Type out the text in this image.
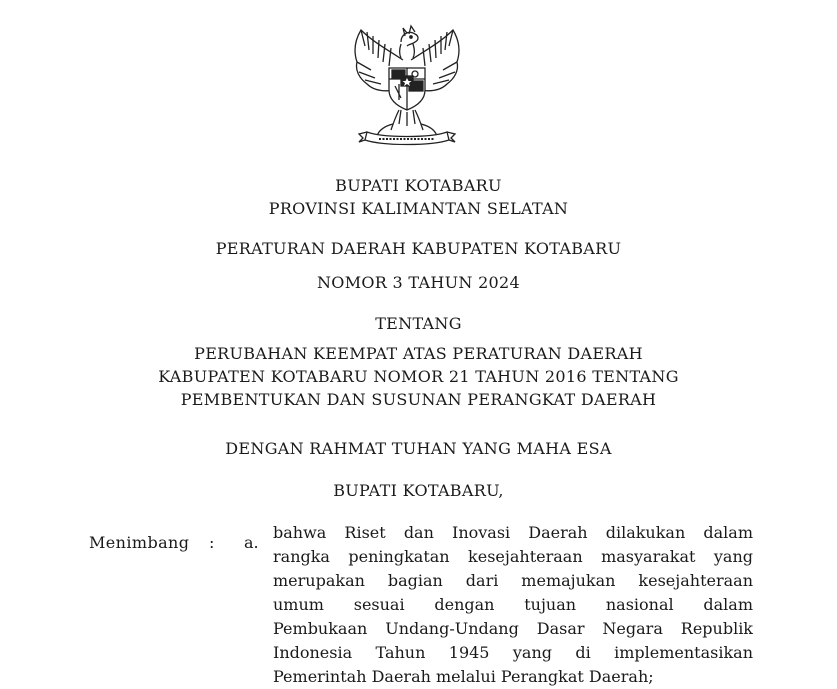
BUPATI KOTABARU
PROVINSI KALIMANTAN SELATAN
PERATURAN DAERAH KABUPATEN KOTABARU
NOMOR 3 TAHUN 2024
TENTANG
PERUBAHAN KEEMPAT ATAS PERATURAN DAERAH
KABUPATEN KOTABARU NOMOR 21 TAHUN 2016 TENTANG
PEMBENTUKAN DAN SUSUNAN PERANGKAT DAERAH
DENGAN RAHMAT TUHAN YANG MAHA ESA
BUPATI KOTABARU,
Menimbang : a.
bahwa Riset dan Inovasi Daerah dilakukan dalam
rangka peningkatan kesejahteraan masyarakat yang
merupakan bagian dari memajukan kesejahteraan
umum sesuai dengan tujuan nasional dalam
Pembukaan Undang-Undang Dasar Negara Republik
Indonesia Tahun 1945 yang di implementasikan
Pemerintah Daerah melalui Perangkat Daerah;
